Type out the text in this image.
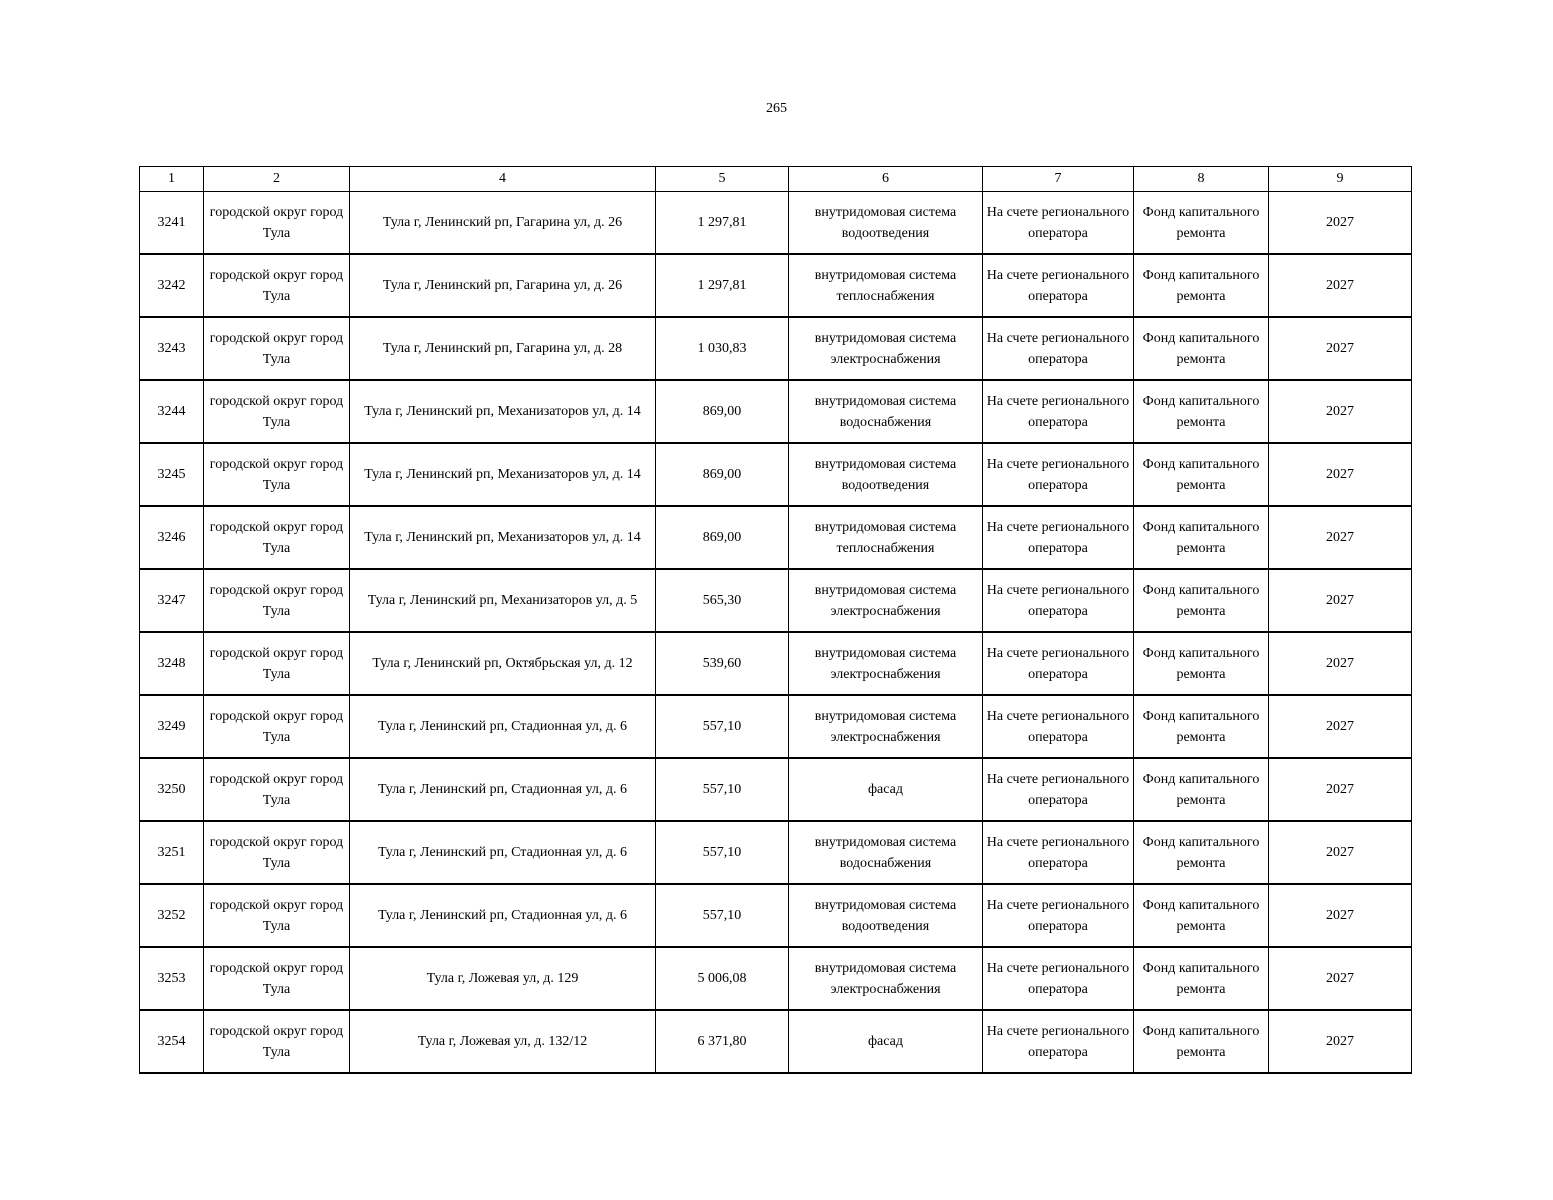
265
1	2	4	5	6	7	8	9
3241	городской округ город Тула	Тула г, Ленинский рп, Гагарина ул, д. 26	1 297,81	внутридомовая система водоотведения	На счете регионального оператора	Фонд капитального ремонта	2027
3242	городской округ город Тула	Тула г, Ленинский рп, Гагарина ул, д. 26	1 297,81	внутридомовая система теплоснабжения	На счете регионального оператора	Фонд капитального ремонта	2027
3243	городской округ город Тула	Тула г, Ленинский рп, Гагарина ул, д. 28	1 030,83	внутридомовая система электроснабжения	На счете регионального оператора	Фонд капитального ремонта	2027
3244	городской округ город Тула	Тула г, Ленинский рп, Механизаторов ул, д. 14	869,00	внутридомовая система водоснабжения	На счете регионального оператора	Фонд капитального ремонта	2027
3245	городской округ город Тула	Тула г, Ленинский рп, Механизаторов ул, д. 14	869,00	внутридомовая система водоотведения	На счете регионального оператора	Фонд капитального ремонта	2027
3246	городской округ город Тула	Тула г, Ленинский рп, Механизаторов ул, д. 14	869,00	внутридомовая система теплоснабжения	На счете регионального оператора	Фонд капитального ремонта	2027
3247	городской округ город Тула	Тула г, Ленинский рп, Механизаторов ул, д. 5	565,30	внутридомовая система электроснабжения	На счете регионального оператора	Фонд капитального ремонта	2027
3248	городской округ город Тула	Тула г, Ленинский рп, Октябрьская ул, д. 12	539,60	внутридомовая система электроснабжения	На счете регионального оператора	Фонд капитального ремонта	2027
3249	городской округ город Тула	Тула г, Ленинский рп, Стадионная ул, д. 6	557,10	внутридомовая система электроснабжения	На счете регионального оператора	Фонд капитального ремонта	2027
3250	городской округ город Тула	Тула г, Ленинский рп, Стадионная ул, д. 6	557,10	фасад	На счете регионального оператора	Фонд капитального ремонта	2027
3251	городской округ город Тула	Тула г, Ленинский рп, Стадионная ул, д. 6	557,10	внутридомовая система водоснабжения	На счете регионального оператора	Фонд капитального ремонта	2027
3252	городской округ город Тула	Тула г, Ленинский рп, Стадионная ул, д. 6	557,10	внутридомовая система водоотведения	На счете регионального оператора	Фонд капитального ремонта	2027
3253	городской округ город Тула	Тула г, Ложевая ул, д. 129	5 006,08	внутридомовая система электроснабжения	На счете регионального оператора	Фонд капитального ремонта	2027
3254	городской округ город Тула	Тула г, Ложевая ул, д. 132/12	6 371,80	фасад	На счете регионального оператора	Фонд капитального ремонта	2027
